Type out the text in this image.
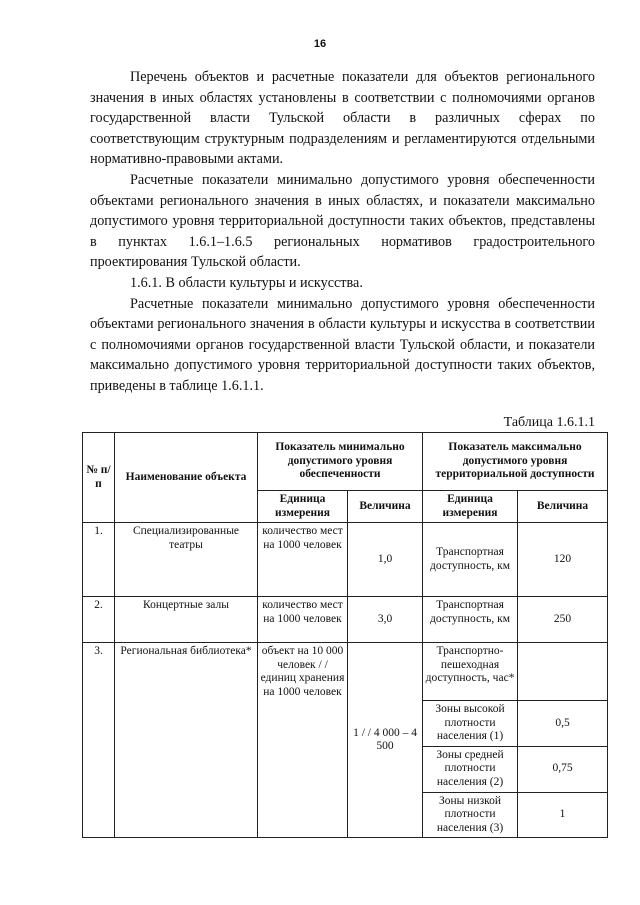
16

Перечень объектов и расчетные показатели для объектов регионального значения в иных областях установлены в соответствии с полномочиями органов государственной власти Тульской области в различных сферах по соответствующим структурным подразделениям и регламентируются отдельными нормативно-правовыми актами.

Расчетные показатели минимально допустимого уровня обеспеченности объектами регионального значения в иных областях, и показатели максимально допустимого уровня территориальной доступности таких объектов, представлены в пунктах 1.6.1–1.6.5 региональных нормативов градостроительного проектирования Тульской области.

1.6.1. В области культуры и искусства.

Расчетные показатели минимально допустимого уровня обеспеченности объектами регионального значения в области культуры и искусства в соответствии с полномочиями органов государственной власти Тульской области, и показатели максимально допустимого уровня территориальной доступности таких объектов, приведены в таблице 1.6.1.1.

Таблица 1.6.1.1
№ п/п	Наименование объекта	Показатель минимально допустимого уровня обеспеченности		Показатель максимально допустимого уровня территориальной доступности	
		Единица измерения	Величина	Единица измерения	Величина
1.	Специализированные театры	количество мест на 1000 человек	1,0	Транспортная доступность, км	120
2.	Концертные залы	количество мест на 1000 человек	3,0	Транспортная доступность, км	250
3.	Региональная библиотека*	объект на 10 000 человек / / единиц хранения на 1000 человек	1 / / 4 000 – 4 500	Транспортно-пешеходная доступность, час*	
				Зоны высокой плотности населения (1)	0,5
				Зоны средней плотности населения (2)	0,75
				Зоны низкой плотности населения (3)	1
